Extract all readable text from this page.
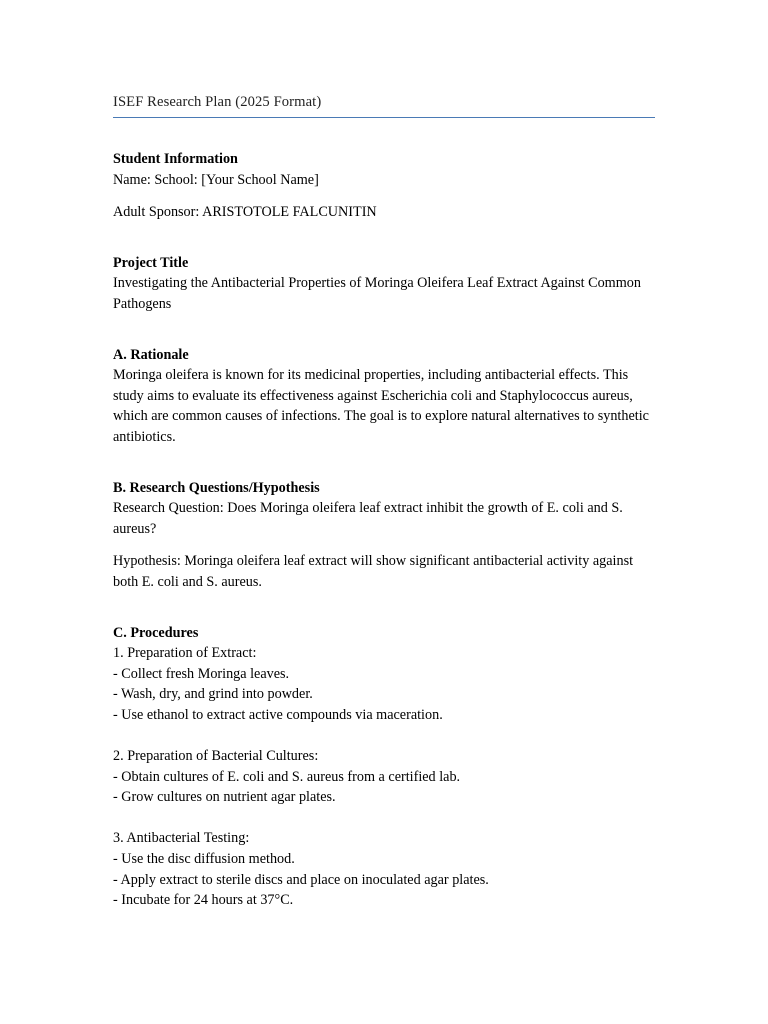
ISEF Research Plan (2025 Format)
Student Information

Name: School: [Your School Name]

Adult Sponsor: ARISTOTOLE FALCUNITIN

Project Title

Investigating the Antibacterial Properties of Moringa Oleifera Leaf Extract Against Common Pathogens

A. Rationale

Moringa oleifera is known for its medicinal properties, including antibacterial effects. This study aims to evaluate its effectiveness against Escherichia coli and Staphylococcus aureus, which are common causes of infections. The goal is to explore natural alternatives to synthetic antibiotics.

B. Research Questions/Hypothesis

Research Question: Does Moringa oleifera leaf extract inhibit the growth of E. coli and S. aureus?

Hypothesis: Moringa oleifera leaf extract will show significant antibacterial activity against both E. coli and S. aureus.

C. Procedures
1. Preparation of Extract:
- Collect fresh Moringa leaves.
- Wash, dry, and grind into powder.
- Use ethanol to extract active compounds via maceration.
2. Preparation of Bacterial Cultures:
- Obtain cultures of E. coli and S. aureus from a certified lab.
- Grow cultures on nutrient agar plates.
3. Antibacterial Testing:
- Use the disc diffusion method.
- Apply extract to sterile discs and place on inoculated agar plates.
- Incubate for 24 hours at 37°C.
